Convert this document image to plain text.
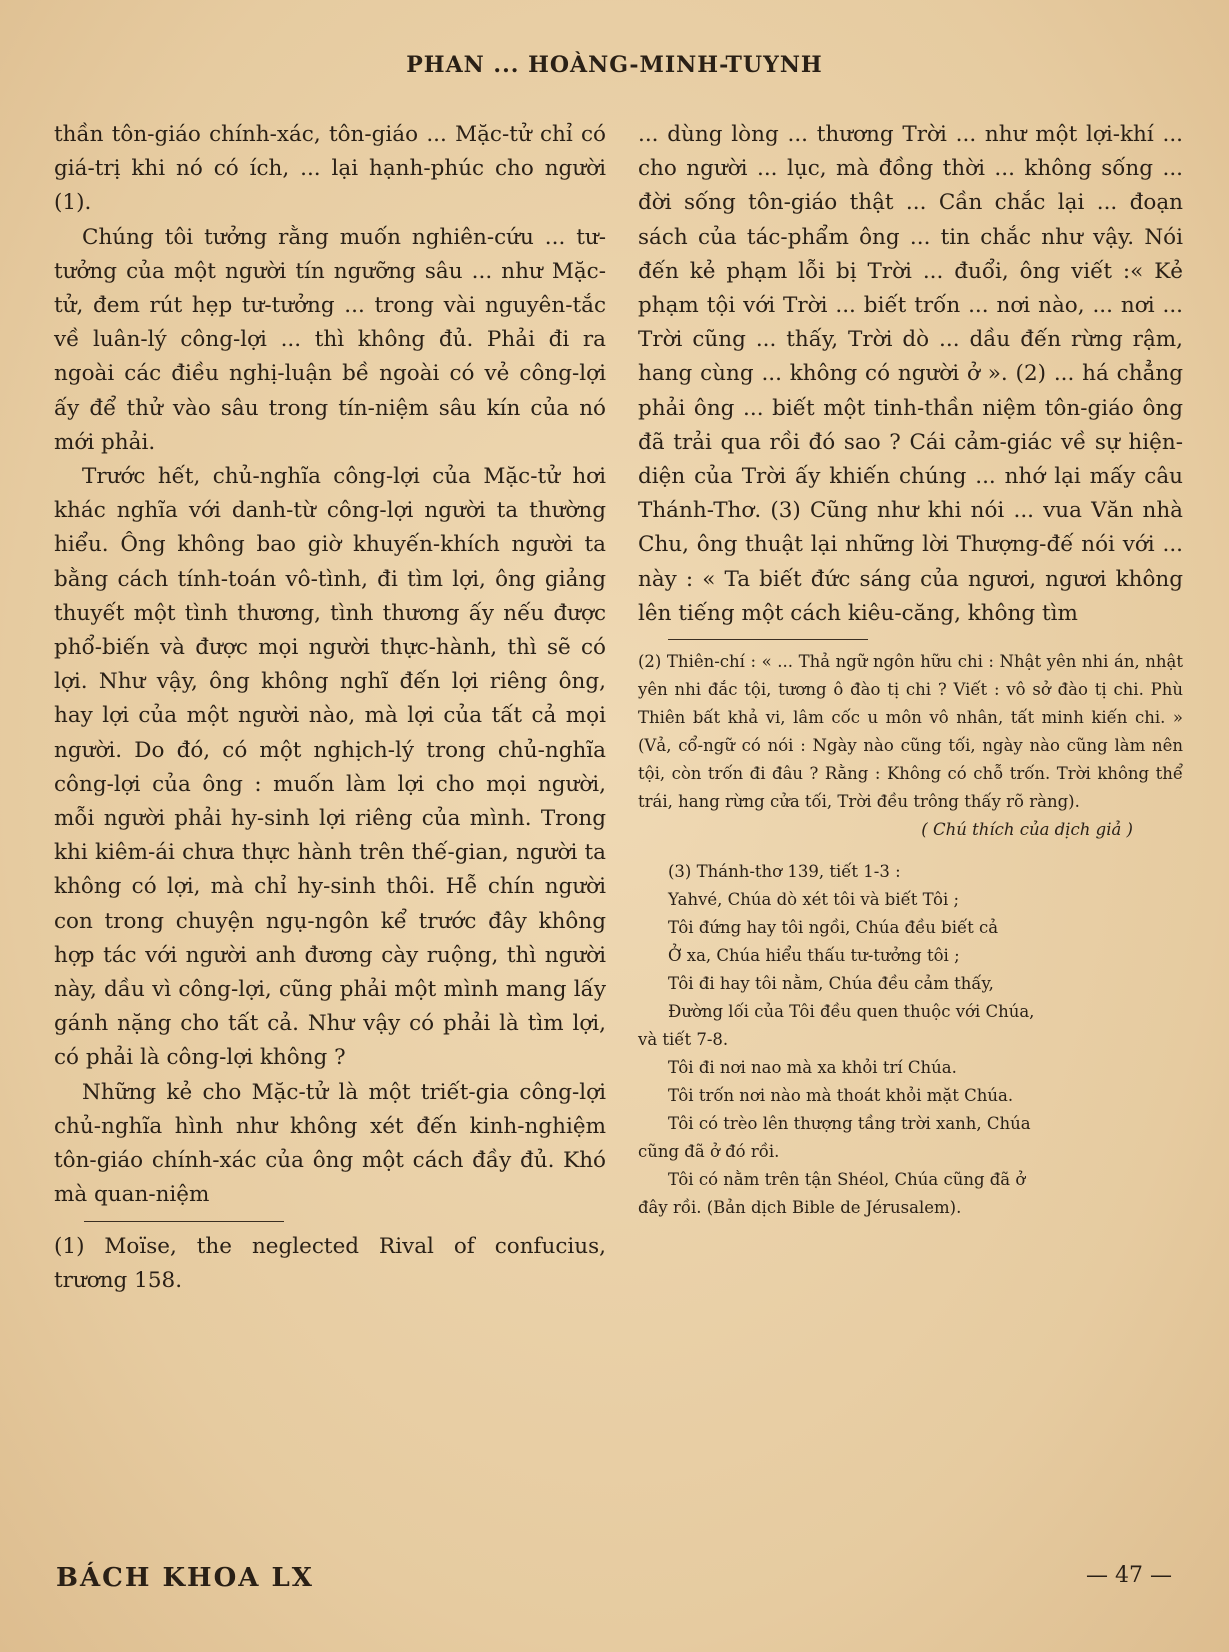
PHAN ... HOÀNG-MINH-TUYNH

thần tôn-giáo chính-xác, tôn-giáo ... Mặc-tử chỉ có giá-trị khi nó có ích, ... lại hạnh-phúc cho người (1).

Chúng tôi tưởng rằng muốn nghiên-cứu ... tư-tưởng của một người tín ngưỡng sâu ... như Mặc-tử, đem rút hẹp tư-tưởng ... trong vài nguyên-tắc về luân-lý công-lợi ... thì không đủ. Phải đi ra ngoài các điều nghị-luận bề ngoài có vẻ công-lợi ấy để thử vào sâu trong tín-niệm sâu kín của nó mới phải.

Trước hết, chủ-nghĩa công-lợi của Mặc-tử hơi khác nghĩa với danh-từ công-lợi người ta thường hiểu. Ông không bao giờ khuyến-khích người ta bằng cách tính-toán vô-tình, đi tìm lợi, ông giảng thuyết một tình thương, tình thương ấy nếu được phổ-biến và được mọi người thực-hành, thì sẽ có lợi. Như vậy, ông không nghĩ đến lợi riêng ông, hay lợi của một người nào, mà lợi của tất cả mọi người. Do đó, có một nghịch-lý trong chủ-nghĩa công-lợi của ông : muốn làm lợi cho mọi người, mỗi người phải hy-sinh lợi riêng của mình. Trong khi kiêm-ái chưa thực hành trên thế-gian, người ta không có lợi, mà chỉ hy-sinh thôi. Hễ chín người con trong chuyện ngụ-ngôn kể trước đây không hợp tác với người anh đương cày ruộng, thì người này, dầu vì công-lợi, cũng phải một mình mang lấy gánh nặng cho tất cả. Như vậy có phải là tìm lợi, có phải là công-lợi không ?

Những kẻ cho Mặc-tử là một triết-gia công-lợi chủ-nghĩa hình như không xét đến kinh-nghiệm tôn-giáo chính-xác của ông một cách đầy đủ. Khó mà quan-niệm

(1) Moïse, the neglected Rival of confucius, trương 158.

... dùng lòng ... thương Trời ... như một lợi-khí ... cho người ... lục, mà đồng thời ... không sống ... đời sống tôn-giáo thật ... Cần chắc lại ... đoạn sách của tác-phẩm ông ... tin chắc như vậy. Nói đến kẻ phạm lỗi bị Trời ... đuổi, ông viết :« Kẻ phạm tội với Trời ... biết trốn ... nơi nào, ... nơi ... Trời cũng ... thấy, Trời dò ... dầu đến rừng rậm, hang cùng ... không có người ở ». (2) ... há chẳng phải ông ... biết một tinh-thần niệm tôn-giáo ông đã trải qua rồi đó sao ? Cái cảm-giác về sự hiện-diện của Trời ấy khiến chúng ... nhớ lại mấy câu Thánh-Thơ. (3) Cũng như khi nói ... vua Văn nhà Chu, ông thuật lại những lời Thượng-đế nói với ... này : « Ta biết đức sáng của ngươi, ngươi không lên tiếng một cách kiêu-căng, không tìm

(2) Thiên-chí : « ... Thả ngữ ngôn hữu chi : Nhật yên nhi án, nhật yên nhi đắc tội, tương ô đào tị chi ? Viết : vô sở đào tị chi. Phù Thiên bất khả vi, lâm cốc u môn vô nhân, tất minh kiến chi. » (Vả, cổ-ngữ có nói : Ngày nào cũng tối, ngày nào cũng làm nên tội, còn trốn đi đâu ? Rằng : Không có chỗ trốn. Trời không thể trái, hang rừng cửa tối, Trời đều trông thấy rõ ràng).

( Chú thích của dịch giả )

(3) Thánh-thơ 139, tiết 1-3 :

Yahvé, Chúa dò xét tôi và biết Tôi ;

Tôi đứng hay tôi ngồi, Chúa đều biết cả

Ở xa, Chúa hiểu thấu tư-tưởng tôi ;

Tôi đi hay tôi nằm, Chúa đều cảm thấy,

Đường lối của Tôi đều quen thuộc với Chúa,

và tiết 7-8.

Tôi đi nơi nao mà xa khỏi trí Chúa.

Tôi trốn nơi nào mà thoát khỏi mặt Chúa.

Tôi có trèo lên thượng tầng trời xanh, Chúa

cũng đã ở đó rồi.

Tôi có nằm trên tận Shéol, Chúa cũng đã ở

đây rồi. (Bản dịch Bible de Jérusalem).

BÁCH KHOA LX	— 47 —
